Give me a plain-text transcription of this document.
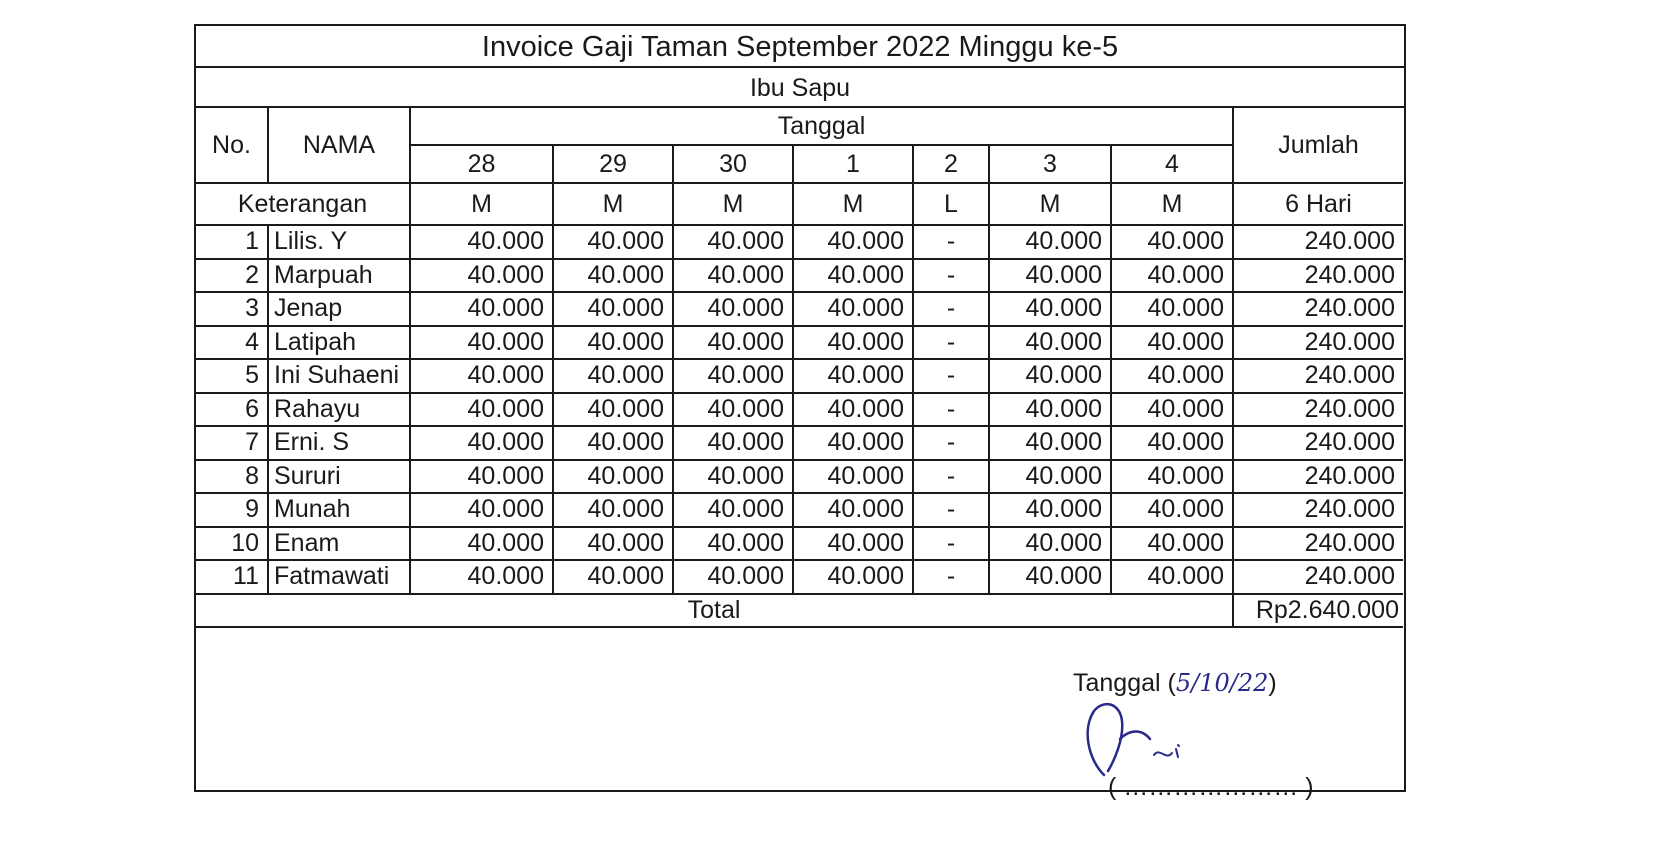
Invoice Gaji Taman September 2022 Minggu ke-5
Ibu Sapu
No.	NAMA	Tanggal							Jumlah
		28	29	30	1	2	3	4	
Keterangan		M	M	M	M	L	M	M	6 Hari
1	Lilis. Y	40.000	40.000	40.000	40.000	-	40.000	40.000	240.000
2	Marpuah	40.000	40.000	40.000	40.000	-	40.000	40.000	240.000
3	Jenap	40.000	40.000	40.000	40.000	-	40.000	40.000	240.000
4	Latipah	40.000	40.000	40.000	40.000	-	40.000	40.000	240.000
5	Ini Suhaeni	40.000	40.000	40.000	40.000	-	40.000	40.000	240.000
6	Rahayu	40.000	40.000	40.000	40.000	-	40.000	40.000	240.000
7	Erni. S	40.000	40.000	40.000	40.000	-	40.000	40.000	240.000
8	Sururi	40.000	40.000	40.000	40.000	-	40.000	40.000	240.000
9	Munah	40.000	40.000	40.000	40.000	-	40.000	40.000	240.000
10	Enam	40.000	40.000	40.000	40.000	-	40.000	40.000	240.000
11	Fatmawati	40.000	40.000	40.000	40.000	-	40.000	40.000	240.000
Total									Rp2.640.000
Tanggal (5/10/22)
( ………………… )
